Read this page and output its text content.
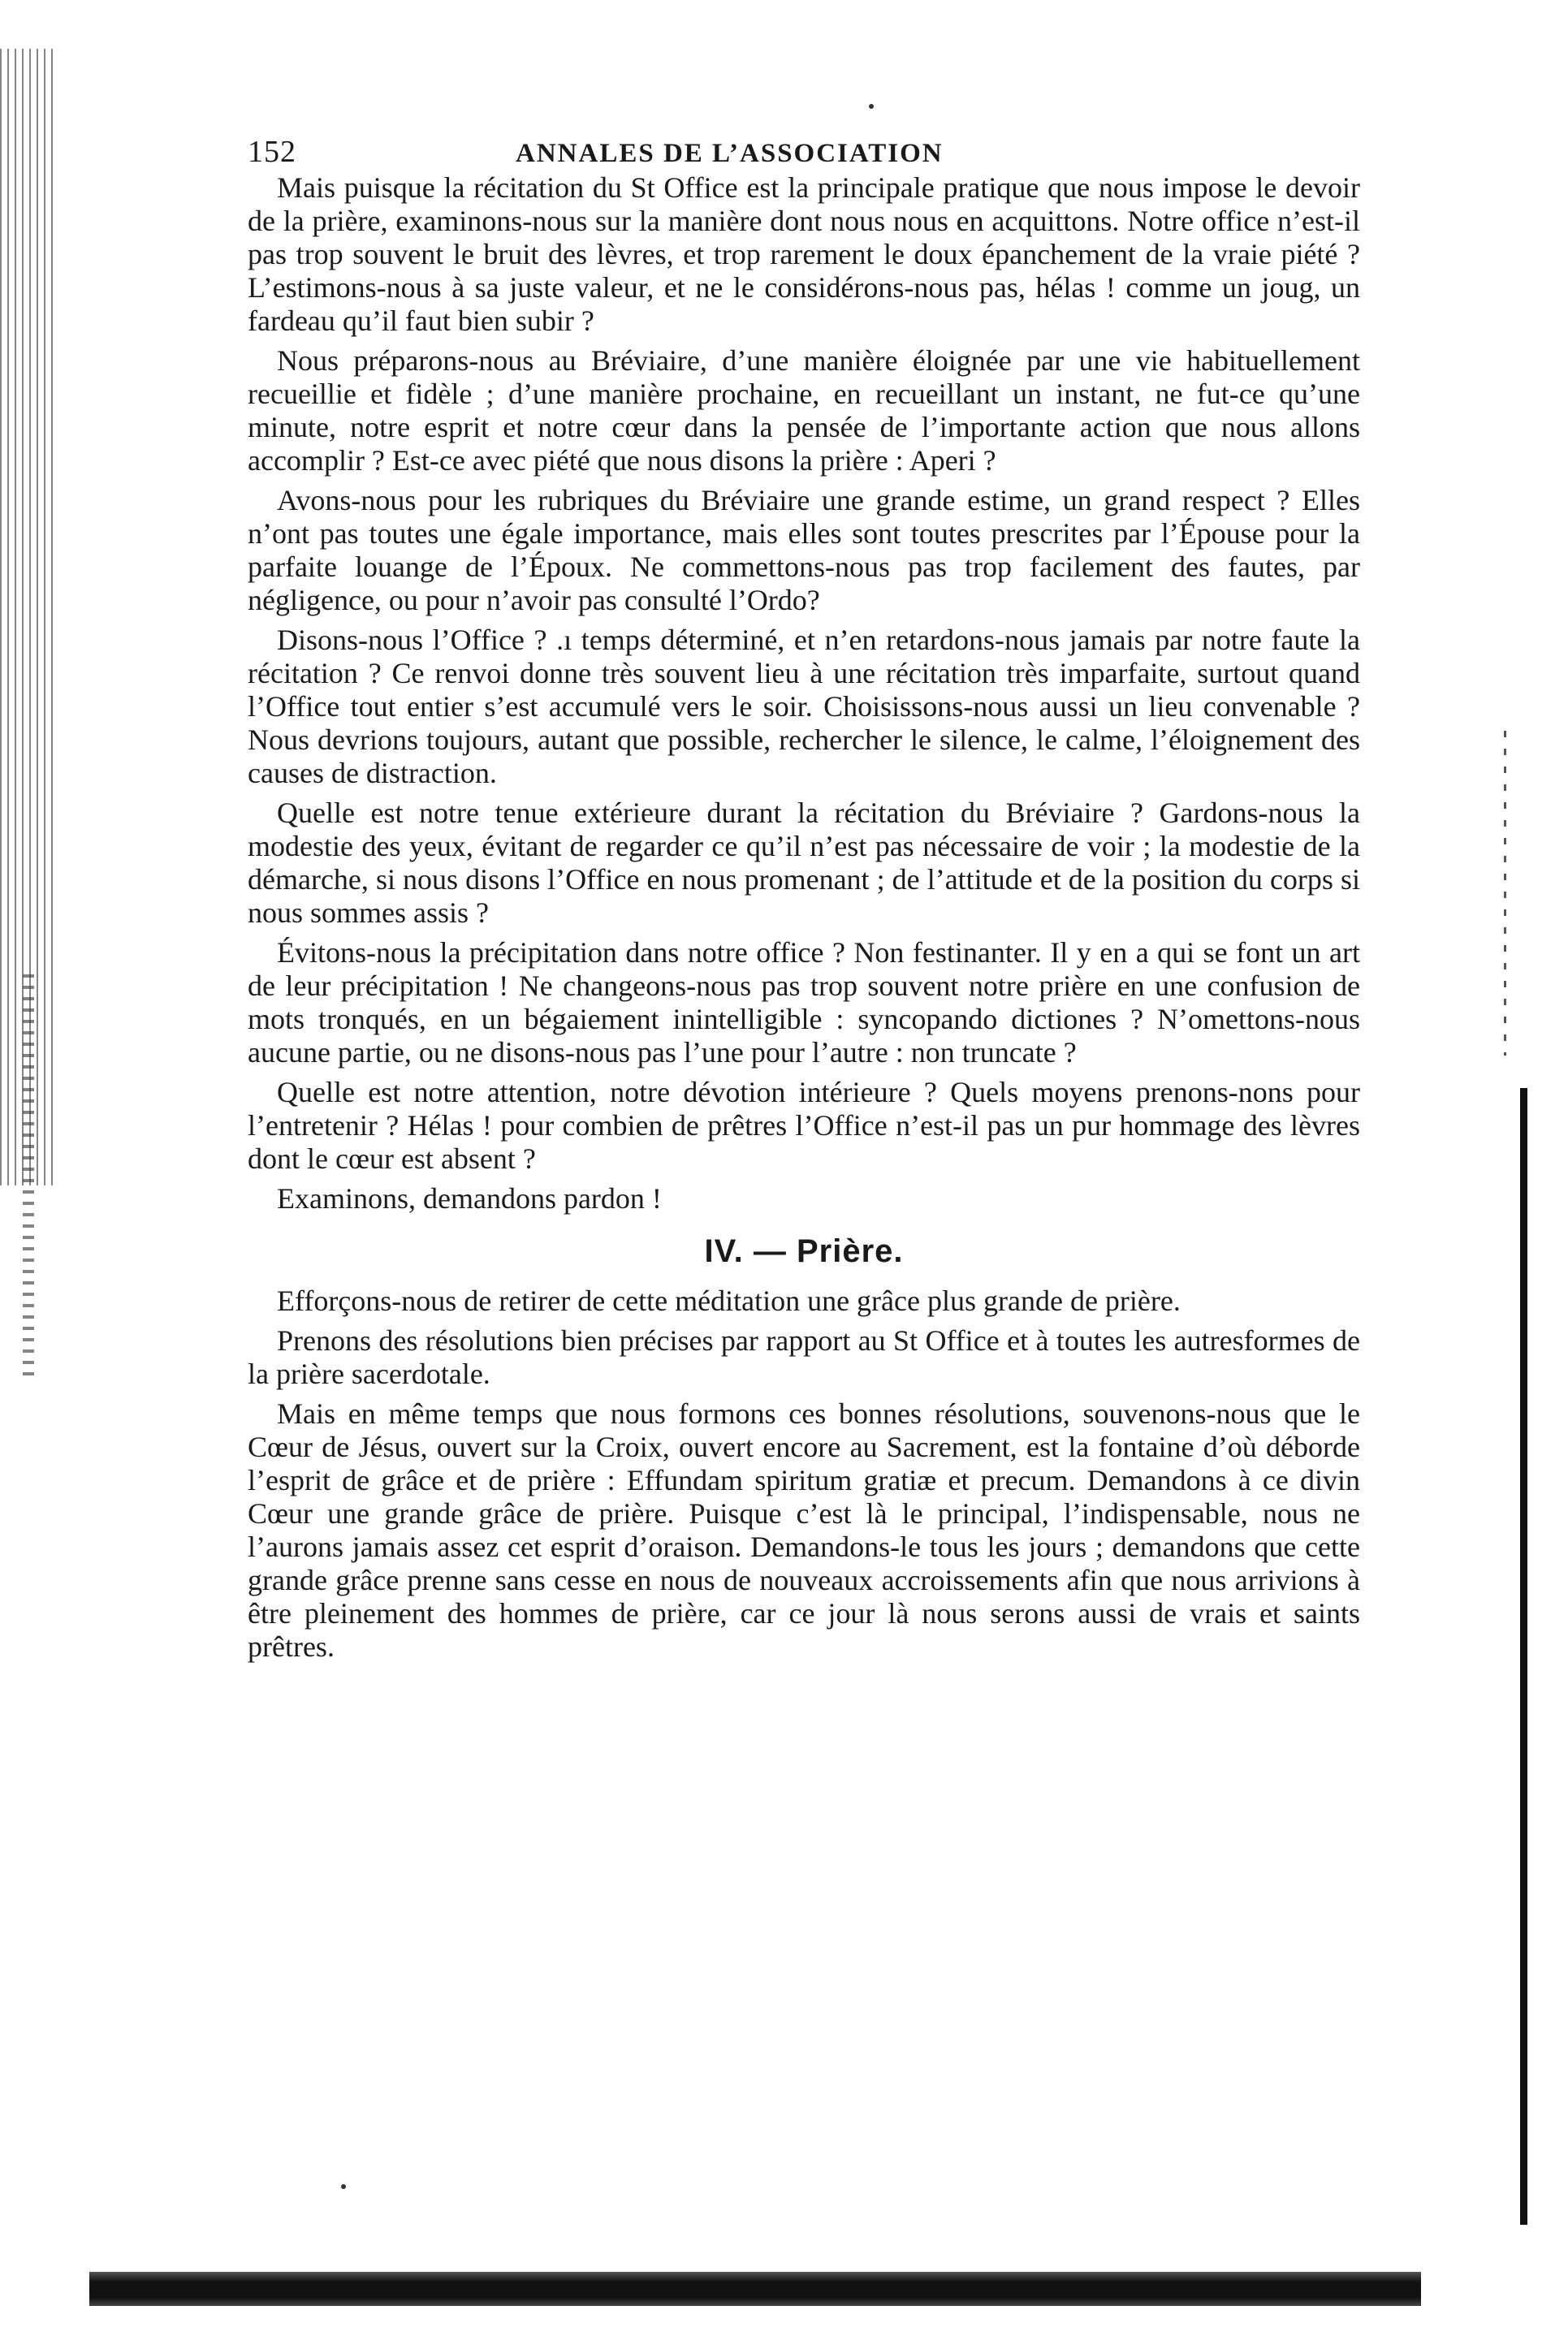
152	ANNALES DE L’ASSOCIATION

Mais puisque la récitation du St Office est la principale pratique que nous impose le devoir de la prière, examinons-nous sur la manière dont nous nous en acquittons. Notre office n’est-il pas trop souvent le bruit des lèvres, et trop rarement le doux épanchement de la vraie piété ? L’estimons-nous à sa juste valeur, et ne le considérons-nous pas, hélas ! comme un joug, un fardeau qu’il faut bien subir ?

Nous préparons-nous au Bréviaire, d’une manière éloignée par une vie habituellement recueillie et fidèle ; d’une manière prochaine, en recueillant un instant, ne fut-ce qu’une minute, notre esprit et notre cœur dans la pensée de l’importante action que nous allons accomplir ? Est-ce avec piété que nous disons la prière : Aperi ?

Avons-nous pour les rubriques du Bréviaire une grande estime, un grand respect ? Elles n’ont pas toutes une égale importance, mais elles sont toutes prescrites par l’Épouse pour la parfaite louange de l’Époux. Ne commettons-nous pas trop facilement des fautes, par négligence, ou pour n’avoir pas consulté l’Ordo?

Disons-nous l’Office ? .ı temps déterminé, et n’en retardons-nous jamais par notre faute la récitation ? Ce renvoi donne très souvent lieu à une récitation très imparfaite, surtout quand l’Office tout entier s’est accumulé vers le soir. Choisissons-nous aussi un lieu convenable ? Nous devrions toujours, autant que possible, rechercher le silence, le calme, l’éloignement des causes de distraction.

Quelle est notre tenue extérieure durant la récitation du Bréviaire ? Gardons-nous la modestie des yeux, évitant de regarder ce qu’il n’est pas nécessaire de voir ; la modestie de la démarche, si nous disons l’Office en nous promenant ; de l’attitude et de la position du corps si nous sommes assis ?

Évitons-nous la précipitation dans notre office ? Non festinanter. Il y en a qui se font un art de leur précipitation ! Ne changeons-nous pas trop souvent notre prière en une confusion de mots tronqués, en un bégaiement inintelligible : syncopando dictiones ? N’omettons-nous aucune partie, ou ne disons-nous pas l’une pour l’autre : non truncate ?

Quelle est notre attention, notre dévotion intérieure ? Quels moyens prenons-nons pour l’entretenir ? Hélas ! pour combien de prêtres l’Office n’est-il pas un pur hommage des lèvres dont le cœur est absent ?

Examinons, demandons pardon !

IV. — Prière.

Efforçons-nous de retirer de cette méditation une grâce plus grande de prière.

Prenons des résolutions bien précises par rapport au St Office et à toutes les autresformes de la prière sacerdotale.

Mais en même temps que nous formons ces bonnes résolutions, souvenons-nous que le Cœur de Jésus, ouvert sur la Croix, ouvert encore au Sacrement, est la fontaine d’où déborde l’esprit de grâce et de prière : Effundam spiritum gratiæ et precum. Demandons à ce divin Cœur une grande grâce de prière. Puisque c’est là le principal, l’indispensable, nous ne l’aurons jamais assez cet esprit d’oraison. Demandons-le tous les jours ; demandons que cette grande grâce prenne sans cesse en nous de nouveaux accroissements afin que nous arrivions à être pleinement des hommes de prière, car ce jour là nous serons aussi de vrais et saints prêtres.
